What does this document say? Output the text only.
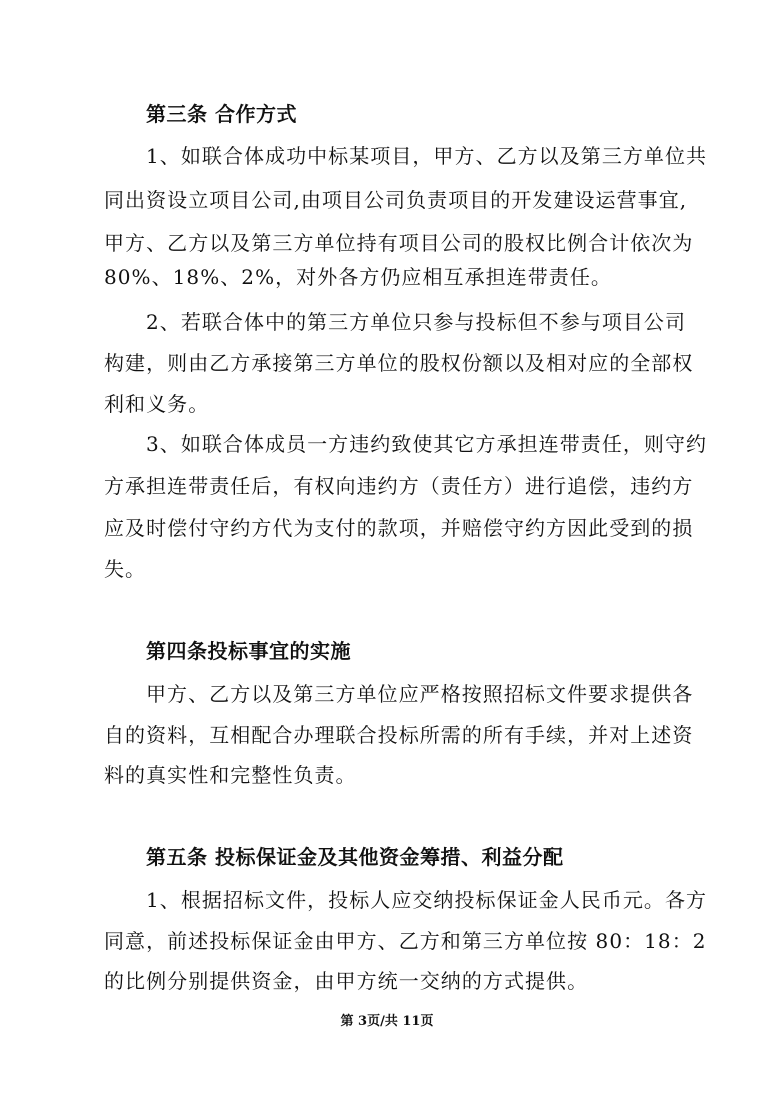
第三条 合作方式
1、如联合体成功中标某项目，甲方、乙方以及第三方单位共
同出资设立项目公司,由项目公司负责项目的开发建设运营事宜,
甲方、乙方以及第三方单位持有项目公司的股权比例合计依次为
80%、18%、2%，对外各方仍应相互承担连带责任。
2、若联合体中的第三方单位只参与投标但不参与项目公司
构建，则由乙方承接第三方单位的股权份额以及相对应的全部权
利和义务。
3、如联合体成员一方违约致使其它方承担连带责任，则守约
方承担连带责任后，有权向违约方（责任方）进行追偿，违约方
应及时偿付守约方代为支付的款项，并赔偿守约方因此受到的损
失。
第四条投标事宜的实施
甲方、乙方以及第三方单位应严格按照招标文件要求提供各
自的资料，互相配合办理联合投标所需的所有手续，并对上述资
料的真实性和完整性负责。
第五条 投标保证金及其他资金筹措、利益分配
1、根据招标文件，投标人应交纳投标保证金人民币元。各方
同意，前述投标保证金由甲方、乙方和第三方单位按 80：18：2
的比例分别提供资金，由甲方统一交纳的方式提供。
第 3页/共 11页
